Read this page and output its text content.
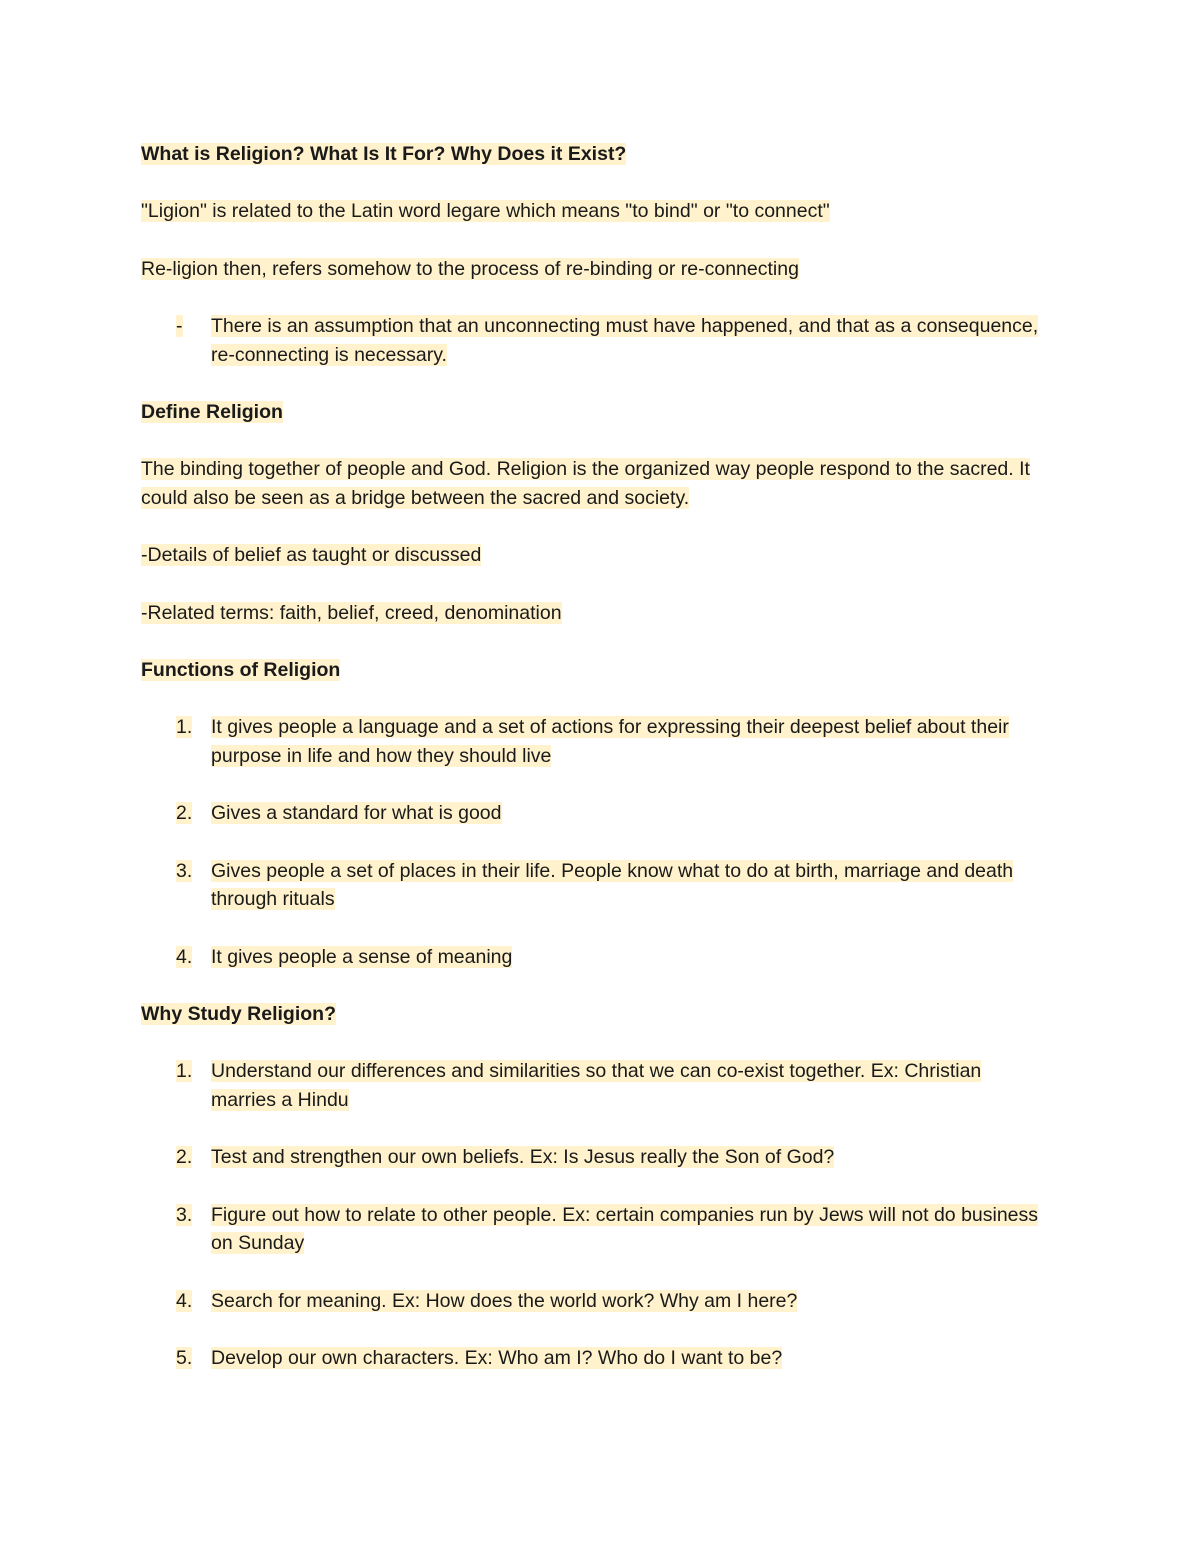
What is Religion? What Is It For? Why Does it Exist?
"Ligion" is related to the Latin word legare which means "to bind" or "to connect"
Re-ligion then, refers somehow to the process of re-binding or re-connecting
-	There is an assumption that an unconnecting must have happened, and that as a consequence, re-connecting is necessary.
Define Religion
The binding together of people and God. Religion is the organized way people respond to the sacred. It could also be seen as a bridge between the sacred and society.
-Details of belief as taught or discussed
-Related terms: faith, belief, creed, denomination
Functions of Religion
1. It gives people a language and a set of actions for expressing their deepest belief about their purpose in life and how they should live
2. Gives a standard for what is good
3. Gives people a set of places in their life. People know what to do at birth, marriage and death through rituals
4. It gives people a sense of meaning
Why Study Religion?
1. Understand our differences and similarities so that we can co-exist together. Ex: Christian marries a Hindu
2. Test and strengthen our own beliefs. Ex: Is Jesus really the Son of God?
3. Figure out how to relate to other people. Ex: certain companies run by Jews will not do business on Sunday
4. Search for meaning. Ex: How does the world work? Why am I here?
5. Develop our own characters. Ex: Who am I? Who do I want to be?
